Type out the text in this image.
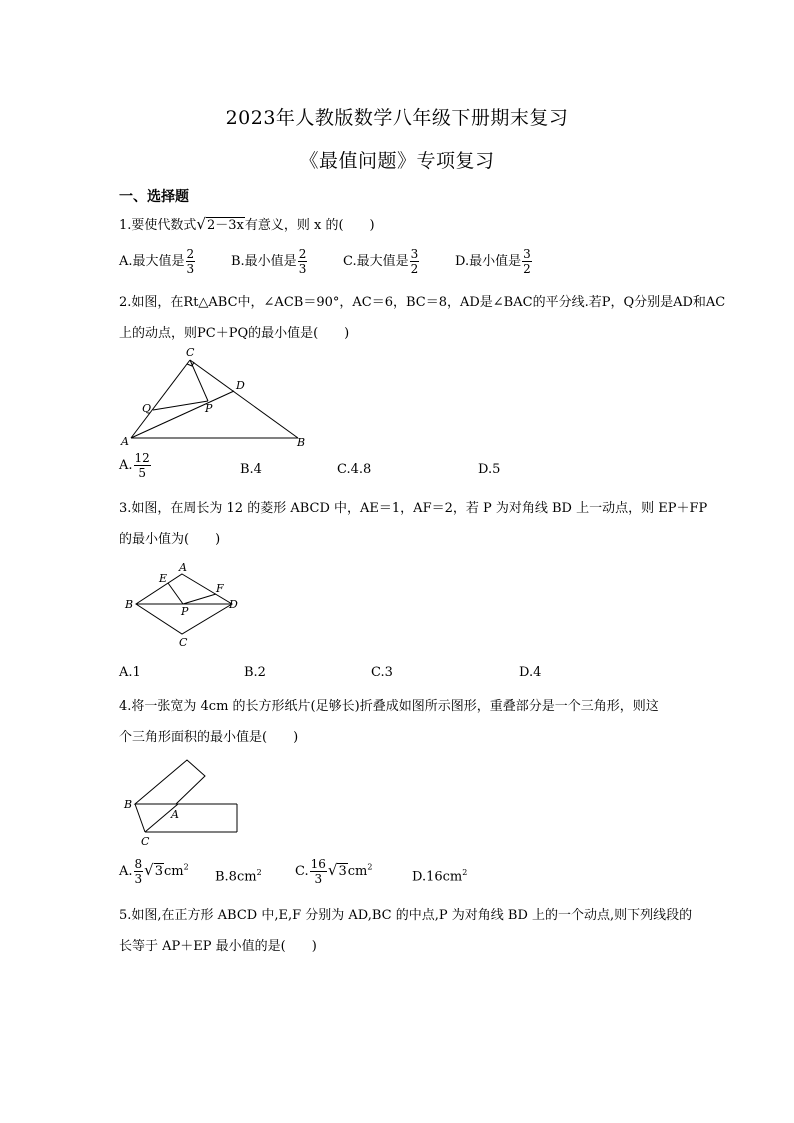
2023年人教版数学八年级下册期末复习
《最值问题》专项复习
一、选择题
1.要使代数式√2－3x有意义，则 x 的(　　)
A.最大值是 $\frac{2}{3}$	B.最小值是 $\frac{2}{3}$	C.最大值是 $\frac{3}{2}$	D.最小值是 $\frac{3}{2}$
2.如图，在Rt△ABC中，∠ACB＝90°，AC＝6，BC＝8，AD是∠BAC的平分线.若P，Q分别是AD和AC
上的动点，则PC＋PQ的最小值是(　　)
C
D
Q	P
A	B
A. $\frac{12}{5}$	B.4	C.4.8	D.5
3.如图，在周长为 12 的菱形 ABCD 中，AE＝1，AF＝2，若 P 为对角线 BD 上一动点，则 EP＋FP
的最小值为(　　)
A
E
F
B
P
D
C
A.1	B.2	C.3	D.4
4.将一张宽为 4cm 的长方形纸片(足够长)折叠成如图所示图形，重叠部分是一个三角形，则这
个三角形面积的最小值是(　　)
B
A
C
A. $\frac{8}{3} √3cm^2$
$B.8cm^2$	C. $\frac{16}{3} √3cm^2$
$D.16cm^2$
5.如图,在正方形 ABCD 中,E,F 分别为 AD,BC 的中点,P 为对角线 BD 上的一个动点,则下列线段的
长等于 AP＋EP 最小值的是(　　)
